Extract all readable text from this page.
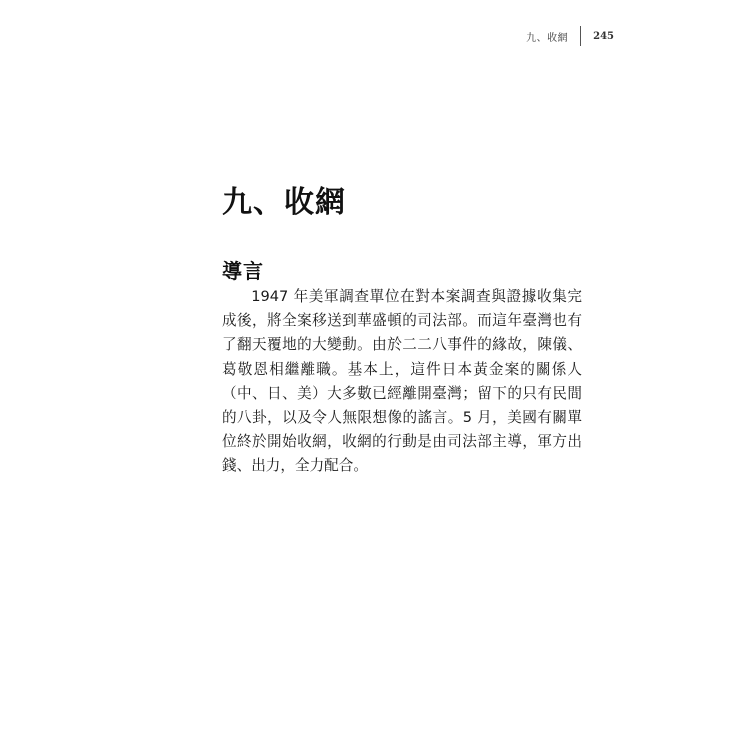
九、收網	245
九、收網
導言

1947 年美軍調查單位在對本案調查與證據收集完成後，將全案移送到華盛頓的司法部。而這年臺灣也有了翻天覆地的大變動。由於二二八事件的緣故，陳儀、葛敬恩相繼離職。基本上，這件日本黃金案的關係人（中、日、美）大多數已經離開臺灣；留下的只有民間的八卦，以及令人無限想像的謠言。5 月，美國有關單位終於開始收網，收網的行動是由司法部主導，軍方出錢、出力，全力配合。
